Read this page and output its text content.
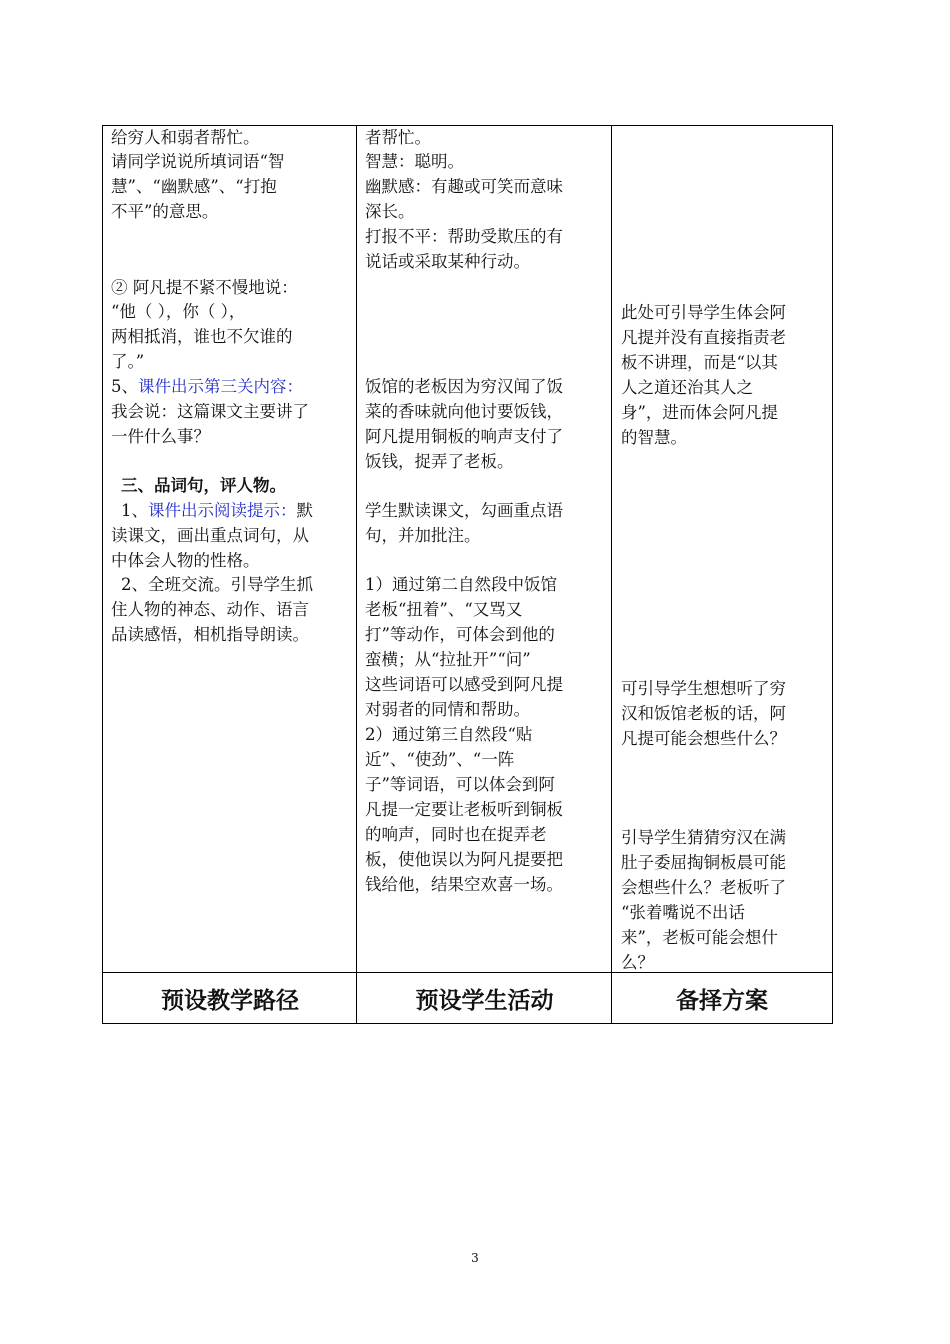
给穷人和弱者帮忙。
请同学说说所填词语“智
慧”、“幽默感”、“打抱
不平”的意思。
② 阿凡提不紧不慢地说：
“他（ ），你（ ），
两相抵消，谁也不欠谁的
了。”
5、课件出示第三关内容：
我会说：这篇课文主要讲了
一件什么事？
三、品词句，评人物。
1、课件出示阅读提示：默
读课文，画出重点词句，从
中体会人物的性格。
2、全班交流。引导学生抓
住人物的神态、动作、语言
品读感悟，相机指导朗读。
者帮忙。
智慧：聪明。
幽默感：有趣或可笑而意味
深长。
打报不平：帮助受欺压的有
说话或采取某种行动。
饭馆的老板因为穷汉闻了饭
菜的香味就向他讨要饭钱，
阿凡提用铜板的响声支付了
饭钱，捉弄了老板。
学生默读课文，勾画重点语
句，并加批注。
1）通过第二自然段中饭馆
老板“扭着”、“又骂又
打”等动作，可体会到他的
蛮横；从“拉扯开”“问”
这些词语可以感受到阿凡提
对弱者的同情和帮助。
2）通过第三自然段“贴
近”、“使劲”、“一阵
子”等词语，可以体会到阿
凡提一定要让老板听到铜板
的响声，同时也在捉弄老
板，使他误以为阿凡提要把
钱给他，结果空欢喜一场。
此处可引导学生体会阿
凡提并没有直接指责老
板不讲理，而是“以其
人之道还治其人之
身”，进而体会阿凡提
的智慧。
可引导学生想想听了穷
汉和饭馆老板的话，阿
凡提可能会想些什么？
引导学生猜猜穷汉在满
肚子委屈掏铜板晨可能
会想些什么？老板听了
“张着嘴说不出话
来”，老板可能会想什
么？
预设教学路径	预设学生活动	备择方案
3
